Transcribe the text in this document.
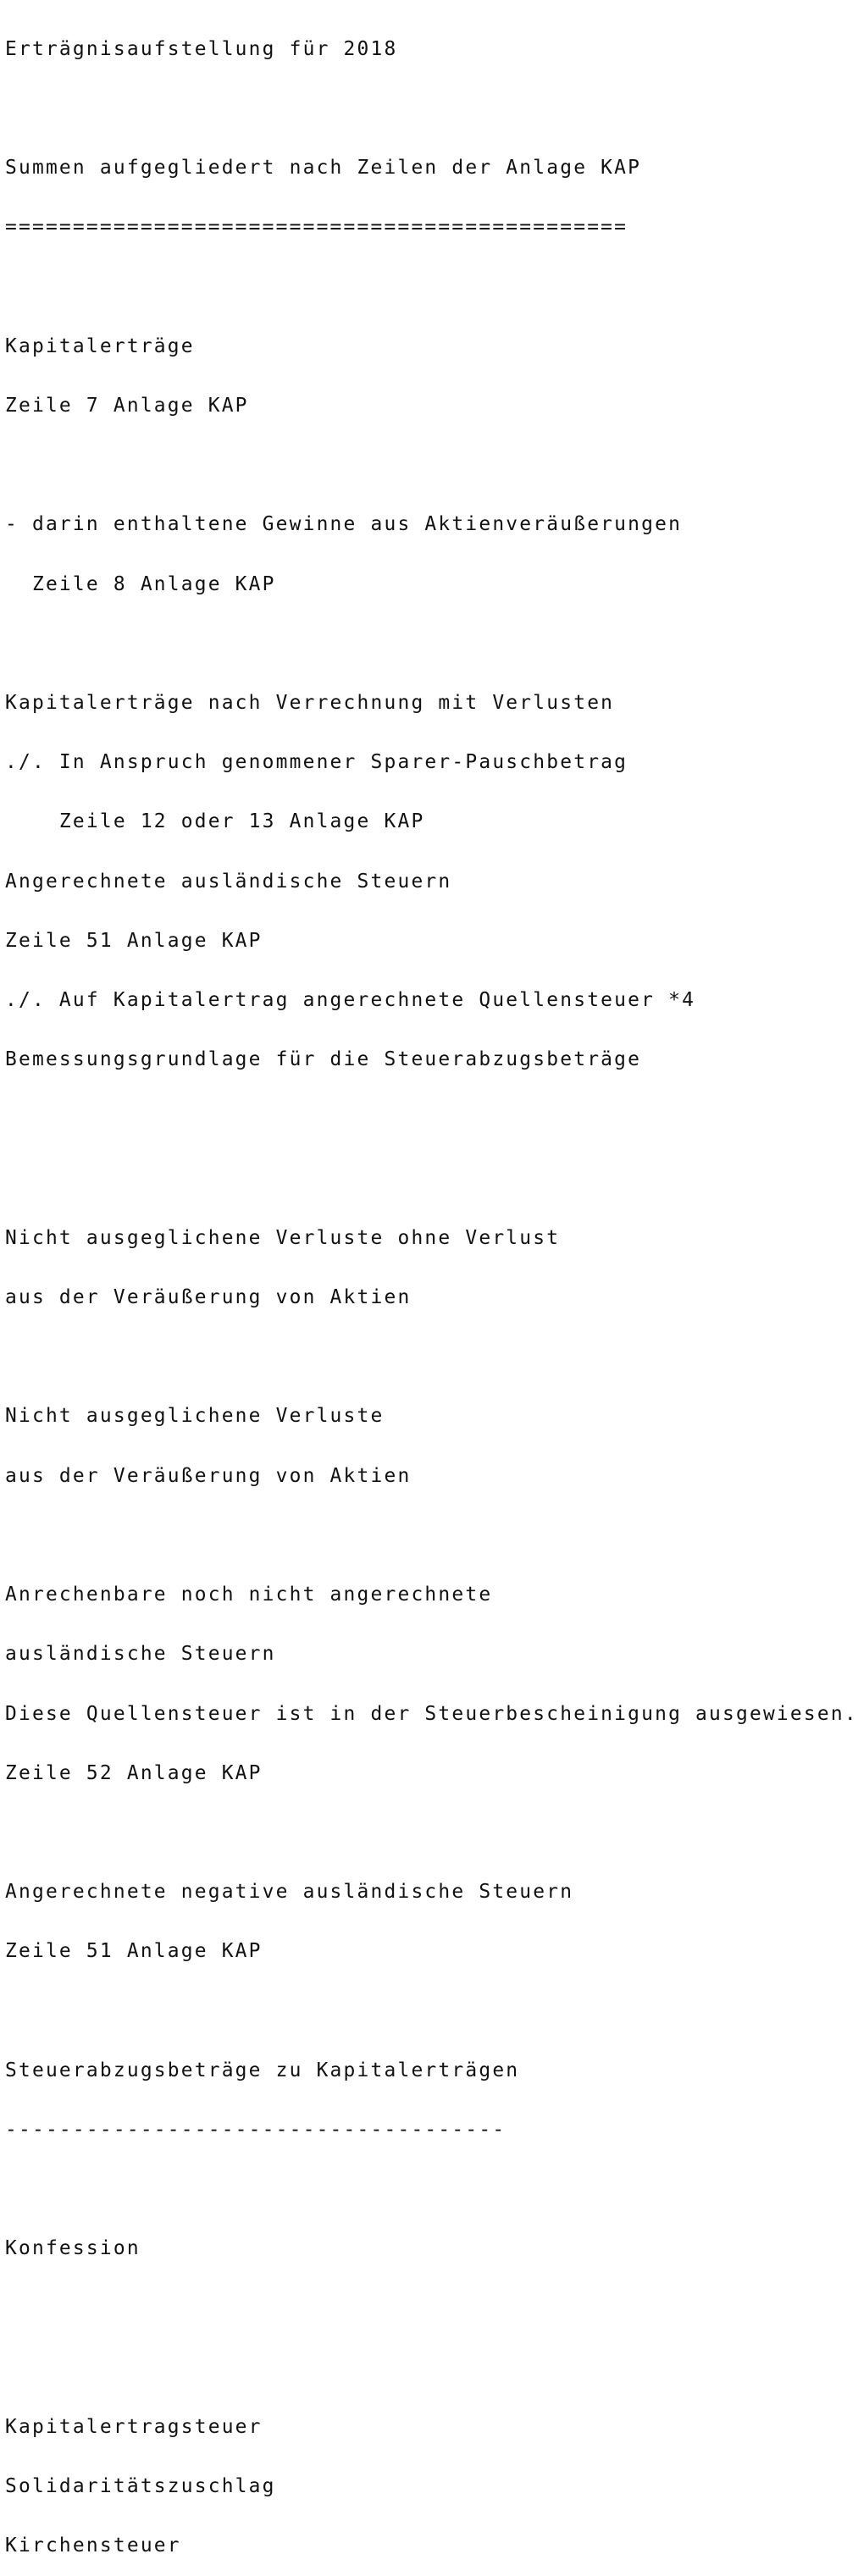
Erträgnisaufstellung für 2018

Summen aufgegliedert nach Zeilen der Anlage KAP

==============================================

Kapitalerträge

Zeile 7 Anlage KAP

- darin enthaltene Gewinne aus Aktienveräußerungen

Zeile 8 Anlage KAP

Kapitalerträge nach Verrechnung mit Verlusten

./. In Anspruch genommener Sparer-Pauschbetrag

Zeile 12 oder 13 Anlage KAP

Angerechnete ausländische Steuern

Zeile 51 Anlage KAP

./. Auf Kapitalertrag angerechnete Quellensteuer *4

Bemessungsgrundlage für die Steuerabzugsbeträge

Nicht ausgeglichene Verluste ohne Verlust

aus der Veräußerung von Aktien

Nicht ausgeglichene Verluste

aus der Veräußerung von Aktien

Anrechenbare noch nicht angerechnete

ausländische Steuern

Diese Quellensteuer ist in der Steuerbescheinigung ausgewiesen.

Zeile 52 Anlage KAP

Angerechnete negative ausländische Steuern

Zeile 51 Anlage KAP

Steuerabzugsbeträge zu Kapitalerträgen

-------------------------------------

Konfession

Kapitalertragsteuer

Solidaritätszuschlag

Kirchensteuer
